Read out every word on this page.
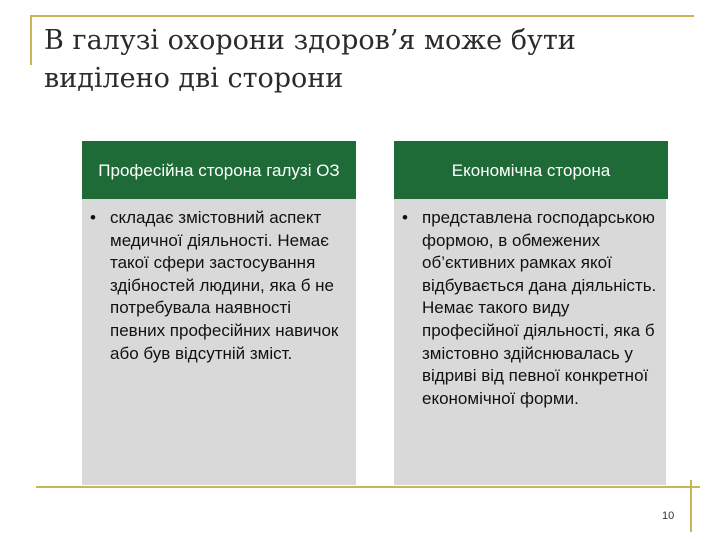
В галузі охорони здоров’я може бути
виділено дві сторони
Професійна сторона галузі ОЗ
• складає змістовний аспект медичної діяльності. Немає такої сфери застосування здібностей людини, яка б не потребувала наявності певних професійних навичок або був відсутній зміст.
Економічна сторона
• представлена господарською формою, в обмежених об’єктивних рамках якої відбувається дана діяльність. Немає такого виду професійної діяльності, яка б змістовно здійснювалась у відриві від певної конкретної економічної форми.
10
